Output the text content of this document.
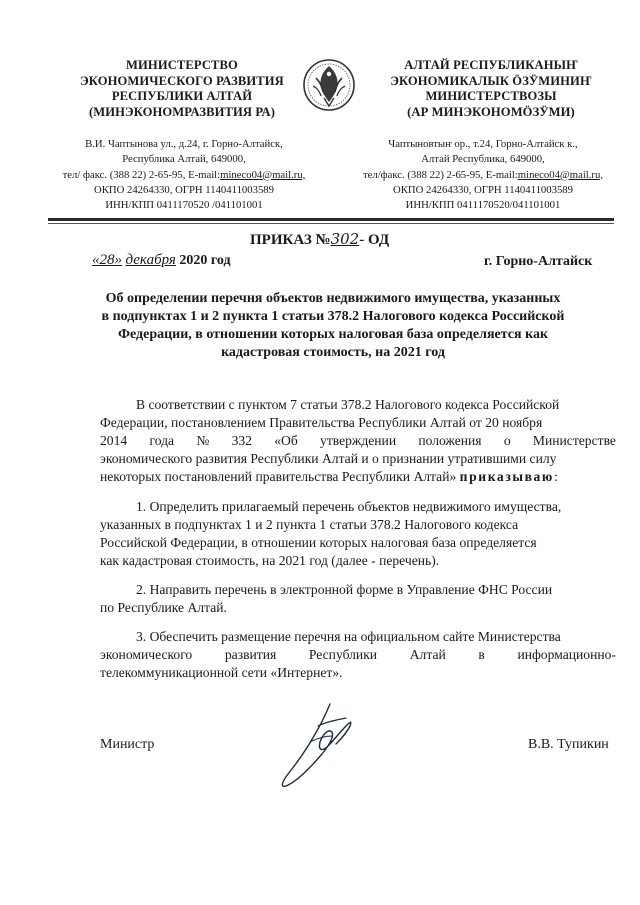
МИНИСТЕРСТВО
ЭКОНОМИЧЕСКОГО РАЗВИТИЯ
РЕСПУБЛИКИ АЛТАЙ
(МИНЭКОНОМРАЗВИТИЯ РА)
АЛТАЙ РЕСПУБЛИКАНЫҤ
ЭКОНОМИКАЛЫК ӦЗӰМИНИҤ
МИНИСТЕРСТВОЗЫ
(АР МИНЭКОНОМӦЗӰМИ)
В.И. Чаптынова ул., д.24, г. Горно-Алтайск,
Республика Алтай, 649000,
тел/ факс. (388 22) 2-65-95, E-mail:mineco04@mail.ru,
ОКПО 24264330, ОГРН 1140411003589
ИНН/КПП 0411170520 /041101001
Чаптыновтыҥ ор., т.24, Горно-Алтайск к.,
Алтай Республика, 649000,
тел/факс. (388 22) 2-65-95, E-mail:mineco04@mail.ru,
ОКПО 24264330, ОГРН 1140411003589
ИНН/КПП 0411170520/041101001
ПРИКАЗ №302- ОД
«28» декабря 2020 год	г. Горно-Алтайск
Об определении перечня объектов недвижимого имущества, указанных
в подпунктах 1 и 2 пункта 1 статьи 378.2 Налогового кодекса Российской
Федерации, в отношении которых налоговая база определяется как
кадастровая стоимость, на 2021 год
В соответствии с пунктом 7 статьи 378.2 Налогового кодекса Российской
Федерации, постановлением Правительства Республики Алтай от 20 ноября
2014 года № 332 «Об утверждении положения о Министерстве
экономического развития Республики Алтай и о признании утратившими силу
некоторых постановлений правительства Республики Алтай» приказываю:
1. Определить прилагаемый перечень объектов недвижимого имущества,
указанных в подпунктах 1 и 2 пункта 1 статьи 378.2 Налогового кодекса
Российской Федерации, в отношении которых налоговая база определяется
как кадастровая стоимость, на 2021 год (далее - перечень).
2. Направить перечень в электронной форме в Управление ФНС России
по Республике Алтай.
3. Обеспечить размещение перечня на официальном сайте Министерства
экономического развития Республики Алтай в информационно-
телекоммуникационной сети «Интернет».
Министр	В.В. Тупикин
